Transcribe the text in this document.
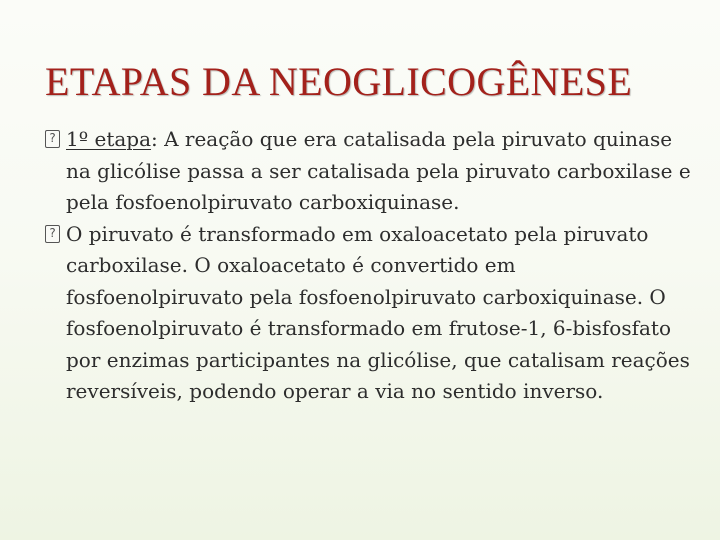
ETAPAS DA NEOGLICOGÊNESE

? 1º etapa: A reação que era catalisada pela piruvato quinase na glicólise passa a ser catalisada pela piruvato carboxilase e pela fosfoenolpiruvato carboxiquinase.

? O piruvato é transformado em oxaloacetato pela piruvato carboxilase. O oxaloacetato é convertido em fosfoenolpiruvato pela fosfoenolpiruvato carboxiquinase. O fosfoenolpiruvato é transformado em frutose-1, 6-bisfosfato por enzimas participantes na glicólise, que catalisam reações reversíveis, podendo operar a via no sentido inverso.
